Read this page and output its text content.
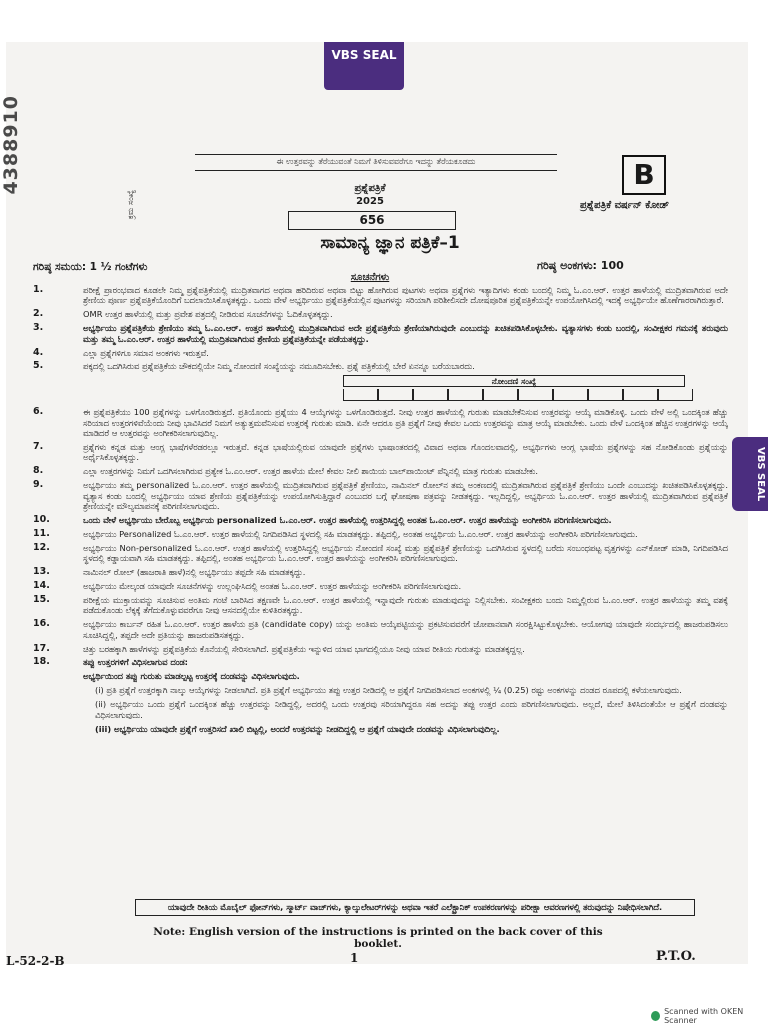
4388910
VBS SEAL
VBS SEAL
ಈ ಉತ್ತರವನ್ನು ತೆರೆಯುವಂತೆ ನಿಮಗೆ ತಿಳಿಸುವವರೆಗೂ ಇದನ್ನು ತೆರೆಯಕೂಡದು
ಕ್ರಮ ಸಂಖ್ಯೆ
B
ಪ್ರಶ್ನೆಪತ್ರಿಕೆ ವರ್ಷನ್ ಕೋಡ್
ಪ್ರಶ್ನೆಪತ್ರಿಕೆ
2025
656
ಸಾಮಾನ್ಯ ಜ್ಞಾನ ಪತ್ರಿಕೆ–1
ಗರಿಷ್ಠ ಸಮಯ: 1 ½ ಗಂಟೆಗಳು	ಗರಿಷ್ಠ ಅಂಕಗಳು: 100
ಸೂಚನೆಗಳು
1.	ಪರೀಕ್ಷೆ ಪ್ರಾರಂಭವಾದ ಕೂಡಲೇ ನಿಮ್ಮ ಪ್ರಶ್ನೆಪತ್ರಿಕೆಯಲ್ಲಿ ಮುದ್ರಿತವಾಗದ ಅಥವಾ ಹರಿದಿರುವ ಅಥವಾ ಬಿಟ್ಟು ಹೋಗಿರುವ ಪುಟಗಳು ಅಥವಾ ಪ್ರಶ್ನೆಗಳು ಇತ್ಯಾದಿಗಳು ಕಂಡು ಬಂದಲ್ಲಿ ನಿಮ್ಮ ಓ.ಎಂ.ಆರ್. ಉತ್ತರ ಹಾಳೆಯಲ್ಲಿ ಮುದ್ರಿತವಾಗಿರುವ ಅದೇ ಶ್ರೇಣಿಯ ಪೂರ್ಣ ಪ್ರಶ್ನೆಪತ್ರಿಕೆಯೊಂದಿಗೆ ಬದಲಾಯಿಸಿಕೊಳ್ಳತಕ್ಕದ್ದು. ಒಂದು ವೇಳೆ ಅಭ್ಯರ್ಥಿಯು ಪ್ರಶ್ನೆಪತ್ರಿಕೆಯಲ್ಲಿನ ಪುಟಗಳನ್ನು ಸರಿಯಾಗಿ ಪರಿಶೀಲಿಸದೇ ದೋಷಪೂರಿತ ಪ್ರಶ್ನೆಪತ್ರಿಕೆಯನ್ನೇ ಉಪಯೋಗಿಸಿದಲ್ಲಿ ಇದಕ್ಕೆ ಅಭ್ಯರ್ಥಿಯೇ ಹೊಣೆಗಾರರಾಗಿರುತ್ತಾರೆ.
2.	OMR ಉತ್ತರ ಹಾಳೆಯಲ್ಲಿ ಮತ್ತು ಪ್ರವೇಶ ಪತ್ರದಲ್ಲಿ ನೀಡಿರುವ ಸೂಚನೆಗಳನ್ನು ಓದಿಕೊಳ್ಳತಕ್ಕದ್ದು.
3.	ಅಭ್ಯರ್ಥಿಯು ಪ್ರಶ್ನೆಪತ್ರಿಕೆಯ ಶ್ರೇಣಿಯು ತಮ್ಮ ಓ.ಎಂ.ಆರ್. ಉತ್ತರ ಹಾಳೆಯಲ್ಲಿ ಮುದ್ರಿತವಾಗಿರುವ ಅದೇ ಪ್ರಶ್ನೆಪತ್ರಿಕೆಯ ಶ್ರೇಣಿಯಾಗಿರುವುದೇ ಎಂಬುದನ್ನು ಖಚಿತಪಡಿಸಿಕೊಳ್ಳಬೇಕು. ವ್ಯತ್ಯಾಸಗಳು ಕಂಡು ಬಂದಲ್ಲಿ, ಸಂವೀಕ್ಷಕರ ಗಮನಕ್ಕೆ ತರುವುದು ಮತ್ತು ತಮ್ಮ ಓ.ಎಂ.ಆರ್. ಉತ್ತರ ಹಾಳೆಯಲ್ಲಿ ಮುದ್ರಿತವಾಗಿರುವ ಶ್ರೇಣಿಯ ಪ್ರಶ್ನೆಪತ್ರಿಕೆಯನ್ನೇ ಪಡೆಯತಕ್ಕದ್ದು.
4.	ಎಲ್ಲಾ ಪ್ರಶ್ನೆಗಳಿಗೂ ಸಮಾನ ಅಂಕಗಳು ಇರುತ್ತವೆ.
5.	ಪಕ್ಕದಲ್ಲಿ ಒದಗಿಸಿರುವ ಪ್ರಶ್ನೆಪತ್ರಿಕೆಯ ಚೌಕದಲ್ಲಿಯೇ ನಿಮ್ಮ ನೋಂದಣಿ ಸಂಖ್ಯೆಯನ್ನು ನಮೂದಿಸಬೇಕು. ಪ್ರಶ್ನೆ ಪತ್ರಿಕೆಯಲ್ಲಿ ಬೇರೆ ಏನನ್ನೂ ಬರೆಯಬಾರದು.
ನೋಂದಣಿ ಸಂಖ್ಯೆ
6.	ಈ ಪ್ರಶ್ನೆಪತ್ರಿಕೆಯು 100 ಪ್ರಶ್ನೆಗಳನ್ನು ಒಳಗೊಂಡಿರುತ್ತದೆ. ಪ್ರತಿಯೊಂದು ಪ್ರಶ್ನೆಯು 4 ಆಯ್ಕೆಗಳನ್ನು ಒಳಗೊಂಡಿರುತ್ತದೆ. ನೀವು ಉತ್ತರ ಹಾಳೆಯಲ್ಲಿ ಗುರುತು ಮಾಡಬೇಕೆನಿಸುವ ಉತ್ತರವನ್ನು ಆಯ್ಕೆ ಮಾಡಿಕೊಳ್ಳಿ. ಒಂದು ವೇಳೆ ಅಲ್ಲಿ ಒಂದಕ್ಕಿಂತ ಹೆಚ್ಚು ಸರಿಯಾದ ಉತ್ತರಗಳಿವೆಯೆಂದು ನೀವು ಭಾವಿಸಿದರೆ ನಿಮಗೆ ಅತ್ಯುತ್ತಮವೆನಿಸುವ ಉತ್ತರಕ್ಕೆ ಗುರುತು ಮಾಡಿ. ಏನೇ ಆದರೂ ಪ್ರತಿ ಪ್ರಶ್ನೆಗೆ ನೀವು ಕೇವಲ ಒಂದು ಉತ್ತರವನ್ನು ಮಾತ್ರ ಆಯ್ಕೆ ಮಾಡಬೇಕು. ಒಂದು ವೇಳೆ ಒಂದಕ್ಕಿಂತ ಹೆಚ್ಚಿನ ಉತ್ತರಗಳನ್ನು ಆಯ್ಕೆ ಮಾಡಿದರೆ ಆ ಉತ್ತರವನ್ನು ಅಂಗೀಕರಿಸಲಾಗುವುದಿಲ್ಲ.
7.	ಪ್ರಶ್ನೆಗಳು ಕನ್ನಡ ಮತ್ತು ಆಂಗ್ಲ ಭಾಷೆಗಳೆರಡರಲ್ಲೂ ಇರುತ್ತವೆ. ಕನ್ನಡ ಭಾಷೆಯಲ್ಲಿರುವ ಯಾವುದೇ ಪ್ರಶ್ನೆಗಳು ಭಾಷಾಂತರದಲ್ಲಿ ವಿವಾದ ಅಥವಾ ಗೊಂದಲವಾದಲ್ಲಿ, ಅಭ್ಯರ್ಥಿಗಳು ಆಂಗ್ಲ ಭಾಷೆಯ ಪ್ರಶ್ನೆಗಳನ್ನು ಸಹ ನೋಡಿಕೊಂಡು ಪ್ರಶ್ನೆಯನ್ನು ಅರ್ಥೈಸಿಕೊಳ್ಳತಕ್ಕದ್ದು.
8.	ಎಲ್ಲಾ ಉತ್ತರಗಳನ್ನು ನಿಮಗೆ ಒದಗಿಸಲಾಗಿರುವ ಪ್ರತ್ಯೇಕ ಓ.ಎಂ.ಆರ್. ಉತ್ತರ ಹಾಳೆಯ ಮೇಲೆ ಕೇವಲ ನೀಲಿ ಶಾಯಿಯ ಬಾಲ್‌ಪಾಯಿಂಟ್ ಪೆನ್ನಿನಲ್ಲಿ ಮಾತ್ರ ಗುರುತು ಮಾಡಬೇಕು.
9.	ಅಭ್ಯರ್ಥಿಯು ತಮ್ಮ personalized ಓ.ಎಂ.ಆರ್. ಉತ್ತರ ಹಾಳೆಯಲ್ಲಿ ಮುದ್ರಿತವಾಗಿರುವ ಪ್ರಶ್ನೆಪತ್ರಿಕೆ ಶ್ರೇಣಿಯು, ನಾಮಿನಲ್ ರೋಲ್‌ನ ತಮ್ಮ ಅಂಕಣದಲ್ಲಿ ಮುದ್ರಿತವಾಗಿರುವ ಪ್ರಶ್ನೆಪತ್ರಿಕೆ ಶ್ರೇಣಿಯು ಒಂದೇ ಎಂಬುದನ್ನು ಖಚಿತಪಡಿಸಿಕೊಳ್ಳತಕ್ಕದ್ದು. ವ್ಯತ್ಯಾಸ ಕಂಡು ಬಂದಲ್ಲಿ ಅಭ್ಯರ್ಥಿಯು ಯಾವ ಶ್ರೇಣಿಯ ಪ್ರಶ್ನೆಪತ್ರಿಕೆಯನ್ನು ಉಪಯೋಗಿಸುತ್ತಿದ್ದಾರೆ ಎಂಬುದರ ಬಗ್ಗೆ ಘೋಷಣಾ ಪತ್ರವನ್ನು ನೀಡತಕ್ಕದ್ದು. ಇಲ್ಲದಿದ್ದಲ್ಲಿ, ಅಭ್ಯರ್ಥಿಯ ಓ.ಎಂ.ಆರ್. ಉತ್ತರ ಹಾಳೆಯಲ್ಲಿ ಮುದ್ರಿತವಾಗಿರುವ ಪ್ರಶ್ನೆಪತ್ರಿಕೆ ಶ್ರೇಣಿಯನ್ನೇ ಮೌಲ್ಯಮಾಪನಕ್ಕೆ ಪರಿಗಣಿಸಲಾಗುವುದು.
10.	ಒಂದು ವೇಳೆ ಅಭ್ಯರ್ಥಿಯು ಬೇರೊಬ್ಬ ಅಭ್ಯರ್ಥಿಯ personalized ಓ.ಎಂ.ಆರ್. ಉತ್ತರ ಹಾಳೆಯಲ್ಲಿ ಉತ್ತರಿಸಿದ್ದಲ್ಲಿ ಅಂತಹ ಓ.ಎಂ.ಆರ್. ಉತ್ತರ ಹಾಳೆಯನ್ನು ಅಂಗೀಕರಿಸಿ ಪರಿಗಣಿಸಲಾಗುವುದು.
11.	ಅಭ್ಯರ್ಥಿಯು Personalized ಓ.ಎಂ.ಆರ್. ಉತ್ತರ ಹಾಳೆಯಲ್ಲಿ ನಿಗದಿಪಡಿಸಿದ ಸ್ಥಳದಲ್ಲಿ ಸಹಿ ಮಾಡತಕ್ಕದ್ದು. ತಪ್ಪಿದಲ್ಲಿ, ಅಂತಹ ಅಭ್ಯರ್ಥಿಯ ಓ.ಎಂ.ಆರ್. ಉತ್ತರ ಹಾಳೆಯನ್ನು ಅಂಗೀಕರಿಸಿ ಪರಿಗಣಿಸಲಾಗುವುದು.
12.	ಅಭ್ಯರ್ಥಿಯು Non-personalized ಓ.ಎಂ.ಆರ್. ಉತ್ತರ ಹಾಳೆಯಲ್ಲಿ ಉತ್ತರಿಸಿದ್ದಲ್ಲಿ ಅಭ್ಯರ್ಥಿಯ ನೋಂದಣಿ ಸಂಖ್ಯೆ ಮತ್ತು ಪ್ರಶ್ನೆಪತ್ರಿಕೆ ಶ್ರೇಣಿಯನ್ನು ಒದಗಿಸಿರುವ ಸ್ಥಳದಲ್ಲಿ ಬರೆದು ಸಂಬಂಧಪಟ್ಟ ವೃತ್ತಗಳನ್ನು ಎನ್‌ಕೋಡ್ ಮಾಡಿ, ನಿಗದಿಪಡಿಸಿದ ಸ್ಥಳದಲ್ಲಿ ಕಡ್ಡಾಯವಾಗಿ ಸಹಿ ಮಾಡತಕ್ಕದ್ದು. ತಪ್ಪಿದಲ್ಲಿ, ಅಂತಹ ಅಭ್ಯರ್ಥಿಯ ಓ.ಎಂ.ಆರ್. ಉತ್ತರ ಹಾಳೆಯನ್ನು ಅಂಗೀಕರಿಸಿ ಪರಿಗಣಿಸಲಾಗುವುದು.
13.	ನಾಮಿನಲ್ ರೋಲ್ (ಹಾಜರಾತಿ ಹಾಳೆ)ನಲ್ಲಿ ಅಭ್ಯರ್ಥಿಯು ತಪ್ಪದೇ ಸಹಿ ಮಾಡತಕ್ಕದ್ದು.
14.	ಅಭ್ಯರ್ಥಿಯು ಮೇಲ್ಕಂಡ ಯಾವುದೇ ಸೂಚನೆಗಳನ್ನು ಉಲ್ಲಂಘಿಸಿದಲ್ಲಿ ಅಂತಹ ಓ.ಎಂ.ಆರ್. ಉತ್ತರ ಹಾಳೆಯನ್ನು ಅಂಗೀಕರಿಸಿ ಪರಿಗಣಿಸಲಾಗುವುದು.
15.	ಪರೀಕ್ಷೆಯ ಮುಕ್ತಾಯವನ್ನು ಸೂಚಿಸುವ ಅಂತಿಮ ಗಂಟೆ ಬಾರಿಸಿದ ತಕ್ಷಣವೇ ಓ.ಎಂ.ಆರ್. ಉತ್ತರ ಹಾಳೆಯಲ್ಲಿ ಇನ್ನಾವುದೇ ಗುರುತು ಮಾಡುವುದನ್ನು ನಿಲ್ಲಿಸಬೇಕು. ಸಂವೀಕ್ಷಕರು ಬಂದು ನಿಮ್ಮಲ್ಲಿರುವ ಓ.ಎಂ.ಆರ್. ಉತ್ತರ ಹಾಳೆಯನ್ನು ತಮ್ಮ ವಶಕ್ಕೆ ಪಡೆದುಕೊಂಡು ಲೆಕ್ಕಕ್ಕೆ ತೆಗೆದುಕೊಳ್ಳುವವರೆಗೂ ನೀವು ಆಸನದಲ್ಲಿಯೇ ಕುಳಿತಿರತಕ್ಕದ್ದು.
16.	ಅಭ್ಯರ್ಥಿಯು ಕಾರ್ಬನ್ ರಹಿತ ಓ.ಎಂ.ಆರ್. ಉತ್ತರ ಹಾಳೆಯ ಪ್ರತಿ (candidate copy) ಯನ್ನು ಅಂತಿಮ ಆಯ್ಕೆಪಟ್ಟಿಯನ್ನು ಪ್ರಕಟಿಸುವವರೆಗೆ ಜೋಪಾನವಾಗಿ ಸಂರಕ್ಷಿಸಿಟ್ಟುಕೊಳ್ಳಬೇಕು. ಆಯೋಗವು ಯಾವುದೇ ಸಂದರ್ಭದಲ್ಲಿ ಹಾಜರುಪಡಿಸಲು ಸೂಚಿಸಿದ್ದಲ್ಲಿ, ತಪ್ಪದೇ ಅದೇ ಪ್ರತಿಯನ್ನು ಹಾಜರುಪಡಿಸತಕ್ಕದ್ದು.
17.	ಚಿತ್ತು ಬರಹಕ್ಕಾಗಿ ಹಾಳೆಗಳನ್ನು ಪ್ರಶ್ನೆಪತ್ರಿಕೆಯ ಕೊನೆಯಲ್ಲಿ ಸೇರಿಸಲಾಗಿದೆ. ಪ್ರಶ್ನೆಪತ್ರಿಕೆಯ ಇನ್ನುಳಿದ ಯಾವ ಭಾಗದಲ್ಲಿಯೂ ನೀವು ಯಾವ ರೀತಿಯ ಗುರುತನ್ನು ಮಾಡತಕ್ಕದ್ದಲ್ಲ.
18.	ತಪ್ಪು ಉತ್ತರಗಳಿಗೆ ವಿಧಿಸಲಾಗುವ ದಂಡ:
ಅಭ್ಯರ್ಥಿಯಿಂದ ತಪ್ಪು ಗುರುತು ಮಾಡಲ್ಪಟ್ಟ ಉತ್ತರಕ್ಕೆ ದಂಡವನ್ನು ವಿಧಿಸಲಾಗುವುದು.
(i) ಪ್ರತಿ ಪ್ರಶ್ನೆಗೆ ಉತ್ತರಕ್ಕಾಗಿ ನಾಲ್ಕು ಆಯ್ಕೆಗಳನ್ನು ನೀಡಲಾಗಿದೆ. ಪ್ರತಿ ಪ್ರಶ್ನೆಗೆ ಅಭ್ಯರ್ಥಿಯು ತಪ್ಪು ಉತ್ತರ ನೀಡಿದಲ್ಲಿ ಆ ಪ್ರಶ್ನೆಗೆ ನಿಗದಿಪಡಿಸಲಾದ ಅಂಕಗಳಲ್ಲಿ ¼ (0.25) ರಷ್ಟು ಅಂಕಗಳನ್ನು ದಂಡದ ರೂಪದಲ್ಲಿ ಕಳೆಯಲಾಗುವುದು.
(ii) ಅಭ್ಯರ್ಥಿಯು ಒಂದು ಪ್ರಶ್ನೆಗೆ ಒಂದಕ್ಕಿಂತ ಹೆಚ್ಚು ಉತ್ತರವನ್ನು ನೀಡಿದ್ದಲ್ಲಿ, ಅದರಲ್ಲಿ ಒಂದು ಉತ್ತರವು ಸರಿಯಾಗಿದ್ದರೂ ಸಹ ಅದನ್ನು ತಪ್ಪು ಉತ್ತರ ಎಂದು ಪರಿಗಣಿಸಲಾಗುವುದು. ಅಲ್ಲದೆ, ಮೇಲೆ ತಿಳಿಸಿದಂತೆಯೇ ಆ ಪ್ರಶ್ನೆಗೆ ದಂಡವನ್ನು ವಿಧಿಸಲಾಗುವುದು.
(iii) ಅಭ್ಯರ್ಥಿಯು ಯಾವುದೇ ಪ್ರಶ್ನೆಗೆ ಉತ್ತರಿಸದೆ ಖಾಲಿ ಬಿಟ್ಟಲ್ಲಿ, ಅಂದರೆ ಉತ್ತರವನ್ನು ನೀಡದಿದ್ದಲ್ಲಿ ಆ ಪ್ರಶ್ನೆಗೆ ಯಾವುದೇ ದಂಡವನ್ನು ವಿಧಿಸಲಾಗುವುದಿಲ್ಲ.
ಯಾವುದೇ ರೀತಿಯ ಮೊಬೈಲ್ ಫೋನ್‌ಗಳು, ಸ್ಮಾರ್ಟ್ ವಾಚ್‌ಗಳು, ಕ್ಯಾಲ್ಕುಲೇಟರ್‌ಗಳನ್ನು ಅಥವಾ ಇತರೆ ಎಲೆಕ್ಟ್ರಾನಿಕ್ ಉಪಕರಣಗಳನ್ನು ಪರೀಕ್ಷಾ ಆವರಣಗಳಲ್ಲಿ ತರುವುದನ್ನು ನಿಷೇಧಿಸಲಾಗಿದೆ.
Note: English version of the instructions is printed on the back cover of this booklet.
L-52-2-B	1	P.T.O.
Scanned with OKEN Scanner
